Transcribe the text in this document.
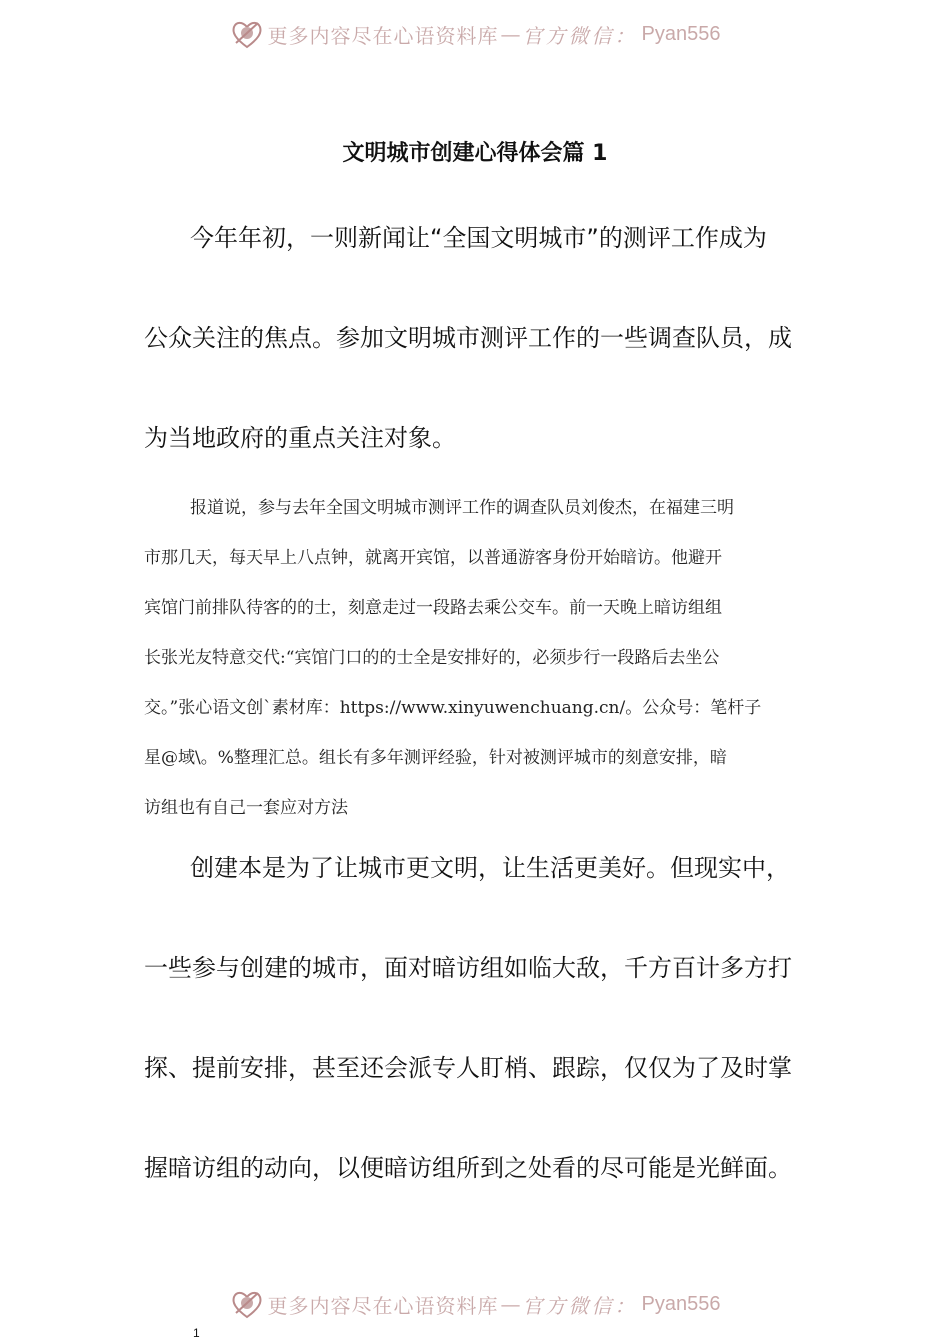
更多内容尽在心语资料库 — 官方微信： Pyan556
文明城市创建心得体会篇 1
今年年初，一则新闻让“全国文明城市”的测评工作成为
公众关注的焦点。参加文明城市测评工作的一些调查队员，成
为当地政府的重点关注对象。
报道说，参与去年全国文明城市测评工作的调查队员刘俊杰，在福建三明
市那几天，每天早上八点钟，就离开宾馆，以普通游客身份开始暗访。他避开
宾馆门前排队待客的的士，刻意走过一段路去乘公交车。前一天晚上暗访组组
长张光友特意交代:“宾馆门口的的士全是安排好的，必须步行一段路后去坐公
交。”张心语文创`素材库：https://www.xinyuwenchuang.cn/。公众号：笔杆子
星@域\。%整理汇总。组长有多年测评经验，针对被测评城市的刻意安排，暗
访组也有自己一套应对方法
创建本是为了让城市更文明，让生活更美好。但现实中，
一些参与创建的城市，面对暗访组如临大敌，千方百计多方打
探、提前安排，甚至还会派专人盯梢、跟踪，仅仅为了及时掌
握暗访组的动向，以便暗访组所到之处看的尽可能是光鲜面。
更多内容尽在心语资料库 — 官方微信： Pyan556
1
